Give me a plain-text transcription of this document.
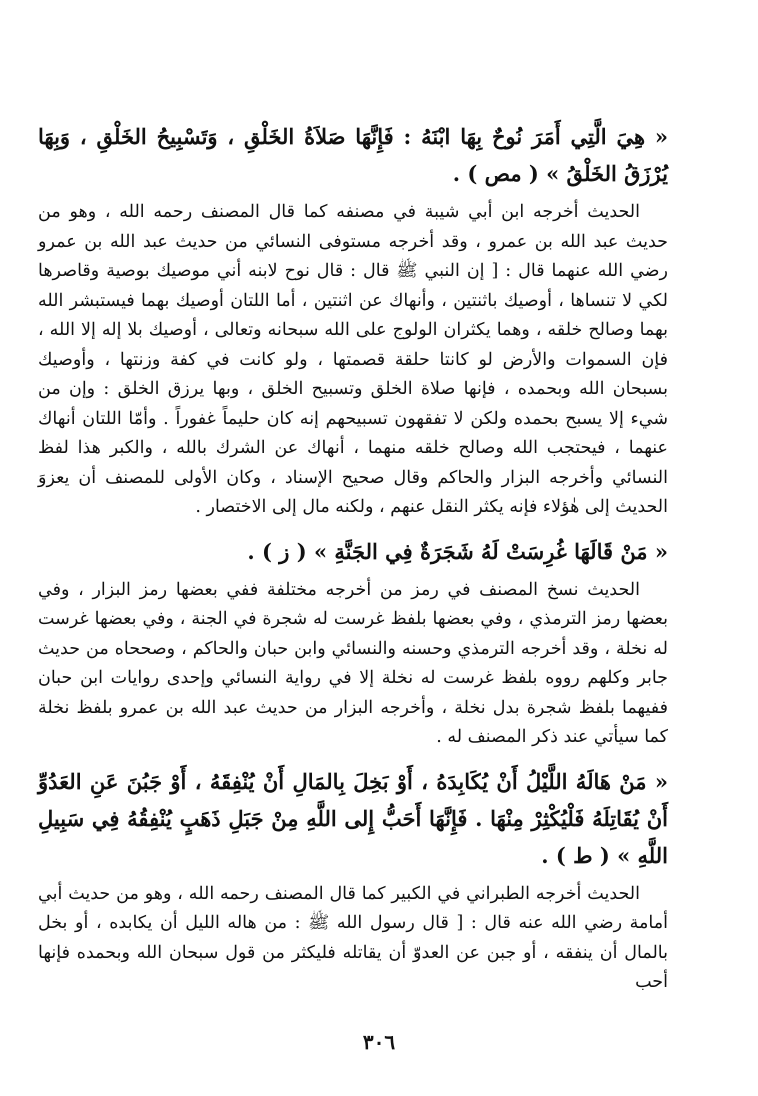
« هِيَ الَّتِي أَمَرَ نُوحٌ بِهَا ابْنَهُ : فَإِنَّهَا صَلاَةُ الخَلْقِ ، وَتَسْبِيحُ الخَلْقِ ، وَبِهَا يُرْزَقُ الخَلْقُ » ( مص ) .

الحديث أخرجه ابن أبي شيبة في مصنفه كما قال المصنف رحمه الله ، وهو من حديث عبد الله بن عمرو ، وقد أخرجه مستوفى النسائي من حديث عبد الله بن عمرو رضي الله عنهما قال : [ إن النبي ﷺ قال : قال نوح لابنه أني موصيك بوصية وقاصرها لكي لا تنساها ، أوصيك باثنتين ، وأنهاك عن اثنتين ، أما اللتان أوصيك بهما فيستبشر الله بهما وصالح خلقه ، وهما يكثران الولوج على الله سبحانه وتعالى ، أوصيك بلا إله إلا الله ، فإن السموات والأرض لو كانتا حلقة قصمتها ، ولو كانت في كفة وزنتها ، وأوصيك بسبحان الله وبحمده ، فإنها صلاة الخلق وتسبيح الخلق ، وبها يرزق الخلق : وإن من شيء إلا يسبح بحمده ولكن لا تفقهون تسبيحهم إنه كان حليماً غفوراً . وأمّا اللتان أنهاك عنهما ، فيحتجب الله وصالح خلقه منهما ، أنهاك عن الشرك بالله ، والكبر هذا لفظ النسائي وأخرجه البزار والحاكم وقال صحيح الإسناد ، وكان الأولى للمصنف أن يعزوَ الحديث إلى هٰؤلاء فإنه يكثر النقل عنهم ، ولكنه مال إلى الاختصار .

« مَنْ قَالَهَا غُرِسَتْ لَهُ شَجَرَةٌ فِي الجَنَّةِ » ( ز ) .

الحديث نسخ المصنف في رمز من أخرجه مختلفة ففي بعضها رمز البزار ، وفي بعضها رمز الترمذي ، وفي بعضها بلفظ غرست له شجرة في الجنة ، وفي بعضها غرست له نخلة ، وقد أخرجه الترمذي وحسنه والنسائي وابن حبان والحاكم ، وصححاه من حديث جابر وكلهم رووه بلفظ غرست له نخلة إلا في رواية النسائي وإحدى روايات ابن حبان ففيهما بلفظ شجرة بدل نخلة ، وأخرجه البزار من حديث عبد الله بن عمرو بلفظ نخلة كما سيأتي عند ذكر المصنف له .

« مَنْ هَالَهُ اللَّيْلُ أَنْ يُكَابِدَهُ ، أَوْ بَخِلَ بِالمَالِ أَنْ يُنْفِقَهُ ، أَوْ جَبُنَ عَنِ العَدُوِّ أَنْ يُقَاتِلَهُ فَلْيُكْثِرْ مِنْهَا . فَإِنَّهَا أَحَبُّ إِلى اللَّهِ مِنْ جَبَلِ ذَهَبٍ يُنْفِقُهُ فِي سَبِيلِ اللَّهِ » ( ط ) .

الحديث أخرجه الطبراني في الكبير كما قال المصنف رحمه الله ، وهو من حديث أبي أمامة رضي الله عنه قال : [ قال رسول الله ﷺ : من هاله الليل أن يكابده ، أو بخل بالمال أن ينفقه ، أو جبن عن العدوّ أن يقاتله فليكثر من قول سبحان الله وبحمده فإنها أحب

٣٠٦
